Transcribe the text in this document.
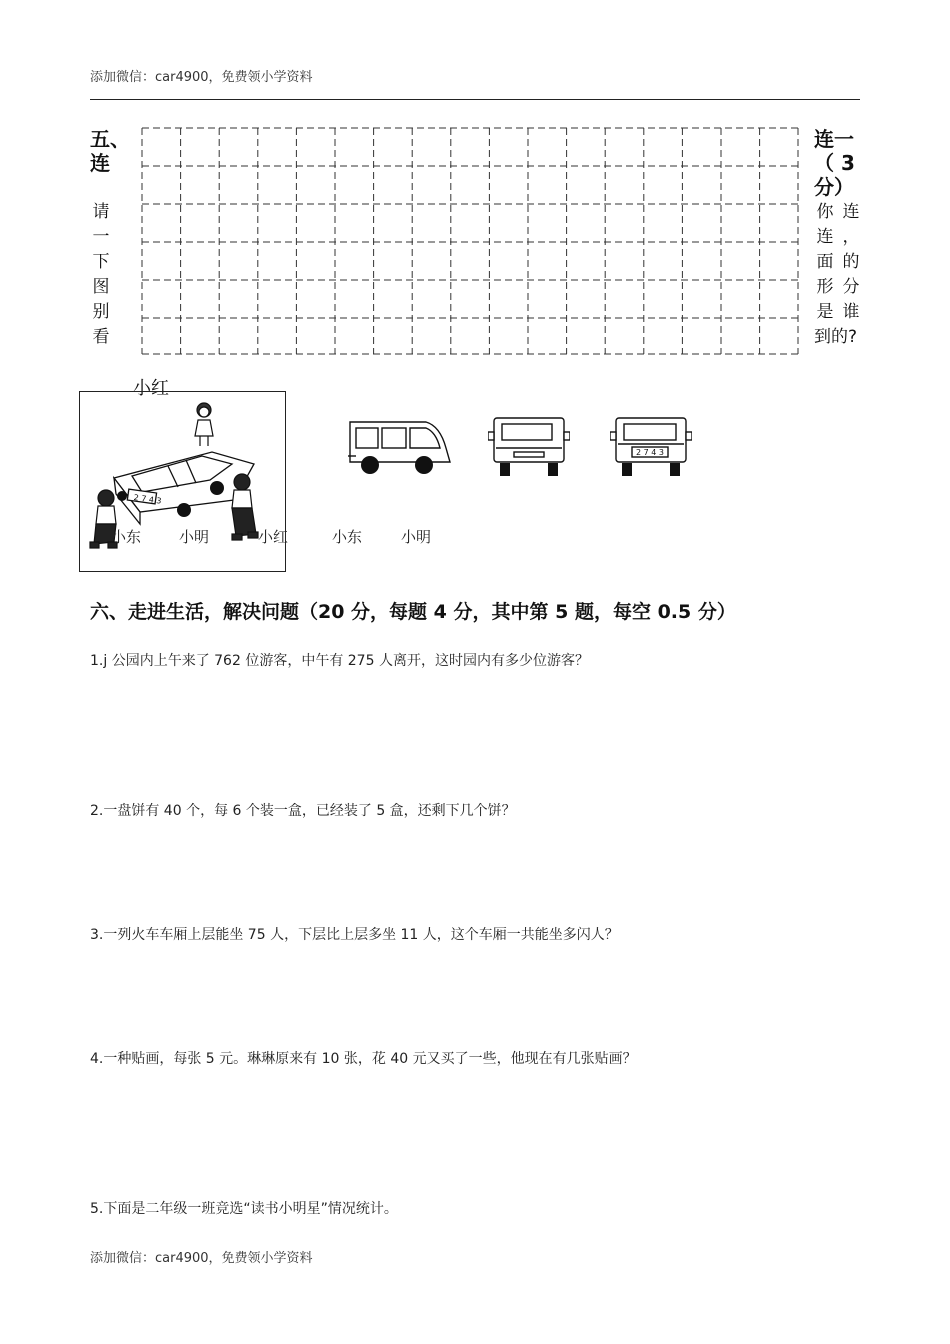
添加微信：car4900，免费领小学资料
五、
连
请
一
下
图
别
看
连一
（ 3
分）
你
连
面
形
是
到的?
连
，
的
分
谁
小红
2 7 4 3
2 7 4 3
小东	小明	小红	小东	小明
六、走进生活，解决问题（20 分，每题 4 分，其中第 5 题，每空 0.5 分）
1.j 公园内上午来了 762 位游客，中午有 275 人离开，这时园内有多少位游客？
2.一盘饼有 40 个，每 6 个装一盒，已经装了 5 盒，还剩下几个饼？
3.一列火车车厢上层能坐 75 人，下层比上层多坐 11 人，这个车厢一共能坐多闪人？
4.一种贴画，每张 5 元。琳琳原来有 10 张，花 40 元又买了一些，他现在有几张贴画？
5.下面是二年级一班竞选“读书小明星”情况统计。
添加微信：car4900，免费领小学资料
